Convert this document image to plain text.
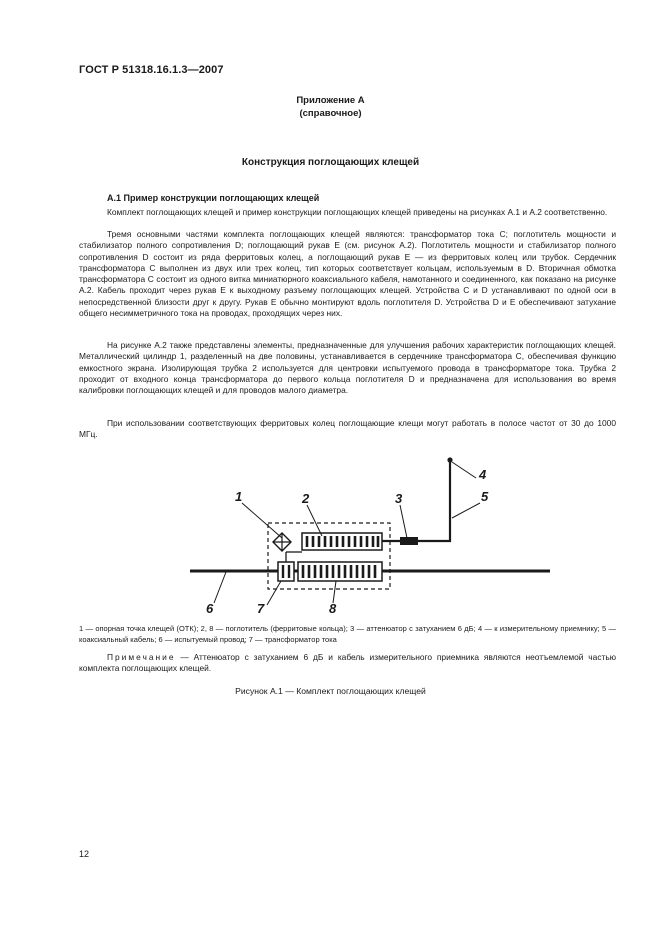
ГОСТ Р 51318.16.1.3—2007
Приложение А
(справочное)
Конструкция поглощающих клещей
А.1 Пример конструкции поглощающих клещей

Комплект поглощающих клещей и пример конструкции поглощающих клещей приведены на рисунках А.1 и А.2 соответственно.

Тремя основными частями комплекта поглощающих клещей являются: трансформатор тока C; поглотитель мощности и стабилизатор полного сопротивления D; поглощающий рукав E (см. рисунок А.2). Поглотитель мощности и стабилизатор полного сопротивления D состоит из ряда ферритовых колец, а поглощающий рукав E — из ферритовых колец или трубок. Сердечник трансформатора C выполнен из двух или трех колец, тип которых соответствует кольцам, используемым в D. Вторичная обмотка трансформатора C состоит из одного витка миниатюрного коаксиального кабеля, намотанного и соединенного, как показано на рисунке А.2. Кабель проходит через рукав E к выходному разъему поглощающих клещей. Устройства C и D устанавливают по одной оси в непосредственной близости друг к другу. Рукав E обычно монтируют вдоль поглотителя D. Устройства D и E обеспечивают затухание общего несимметричного тока на проводах, проходящих через них.

На рисунке А.2 также представлены элементы, предназначенные для улучшения рабочих характеристик поглощающих клещей. Металлический цилиндр 1, разделенный на две половины, устанавливается в сердечнике трансформатора C, обеспечивая функцию емкостного экрана. Изолирующая трубка 2 используется для центровки испытуемого провода в трансформаторе тока. Трубка 2 проходит от входного конца трансформатора до первого кольца поглотителя D и предназначена для использования во время калибровки поглощающих клещей и для проводов малого диаметра.

При использовании соответствующих ферритовых колец поглощающие клещи могут работать в полосе частот от 30 до 1000 МГц.

1	2	3
4
5
6	7	8
1 — опорная точка клещей (ОТК); 2, 8 — поглотитель (ферритовые кольца); 3 — аттенюатор с затуханием 6 дБ; 4 — к измерительному приемнику; 5 — коаксиальный кабель; 6 — испытуемый провод; 7 — трансформатор тока
Примечание — Аттенюатор с затуханием 6 дБ и кабель измерительного приемника являются неотъемлемой частью комплекта поглощающих клещей.
Рисунок А.1 — Комплект поглощающих клещей
12
